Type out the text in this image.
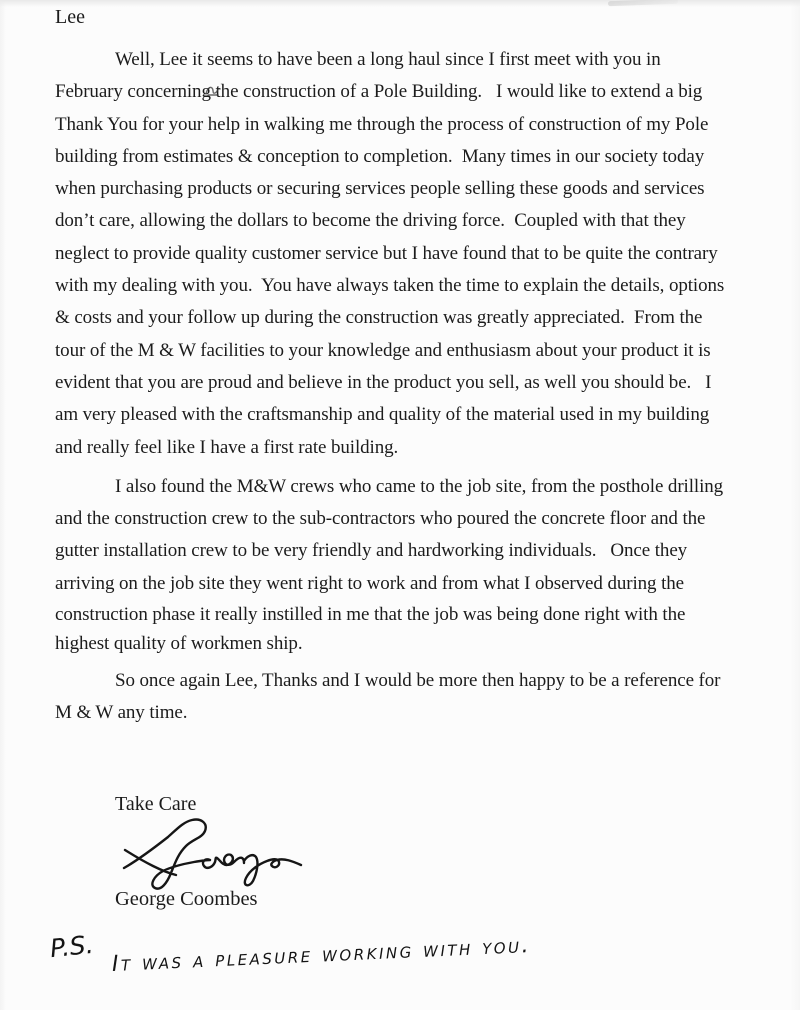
Lee
Well, Lee it seems to have been a long haul since I first meet with you in
February concerning the construction of a Pole Building.   I would like to extend a big
Thank You for your help in walking me through the process of construction of my Pole
building from estimates & conception to completion.  Many times in our society today
when purchasing products or securing services people selling these goods and services
don’t care, allowing the dollars to become the driving force.  Coupled with that they
neglect to provide quality customer service but I have found that to be quite the contrary
with my dealing with you.  You have always taken the time to explain the details, options
& costs and your follow up during the construction was greatly appreciated.  From the
tour of the M & W facilities to your knowledge and enthusiasm about your product it is
evident that you are proud and believe in the product you sell, as well you should be.   I
am very pleased with the craftsmanship and quality of the material used in my building
and really feel like I have a first rate building.
I also found the M&W crews who came to the job site, from the posthole drilling
and the construction crew to the sub-contractors who poured the concrete floor and the
gutter installation crew to be very friendly and hardworking individuals.   Once they
arriving on the job site they went right to work and from what I observed during the
construction phase it really instilled in me that the job was being done right with the
highest quality of workmen ship.
So once again Lee, Thanks and I would be more then happy to be a reference for
M & W any time.
Take Care
George Coombes
P.S. It was a pleasure working with you.
